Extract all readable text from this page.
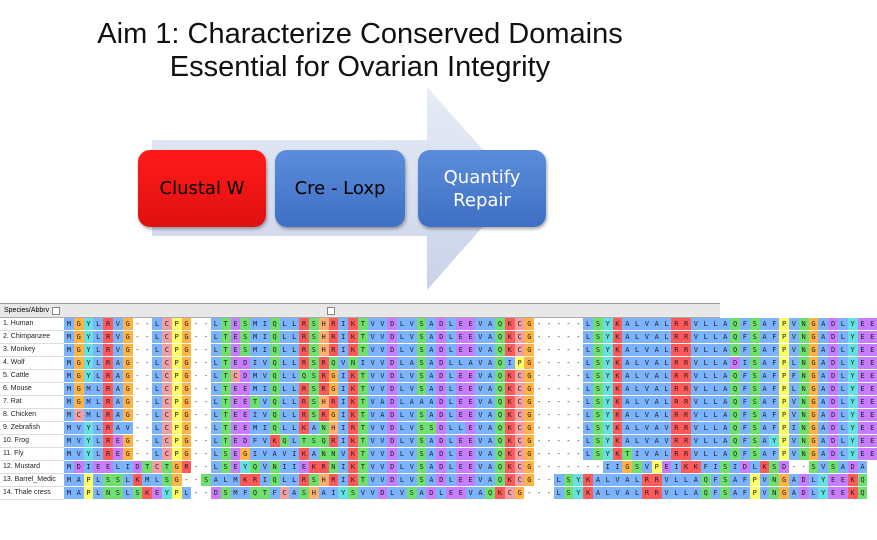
Aim 1: Characterize Conserved Domains
Essential for Ovarian Integrity
Clustal W	Cre - Loxp
Quantify Repair
Species/Abbrv
1. Human
2. Chimpanzee
3. Monkey
4. Wolf
5. Cattle
6. Mouse
7. Rat
8. Chicken
9. Zebrafish
10. Frog
11. Fly
12. Mustard
13. Barrel_Medic
14. Thale cress
M G Y L R V G - - L C P G - - L T E S M I Q L L R S H R I K T V V D L V S A D L E E V A Q K C G - - - - - L S Y K A L V A L R R V L L A Q F S A F P V N G A D L Y E E
M G Y L R V G - - L C P G - - L T E S M I Q L L R S H R I K T V V D L V S A D L E E V A Q K C G - - - - - L S Y K A L V A L R R V L L A Q F S A F P V N G A D L Y E E
M G Y L R V G - - L C P G - - L T E S M I Q L L R S H R I K T V V D L V S A D L E E V A Q K C G - - - - - L S Y K A L V A L R R V L L A Q F S A F P V N G A D L Y E E
M G Y L R A G - - L C P G - - L T E D I V Q L L R S R Q V N I V V D L A S A D L L A V A Q I P G - - - - - L S Y K A L V A L R R V L L A D I S A F P L N G A D L Y E E
M G Y L R A G - - L C P G - - L T C D M V Q L L Q S R G I K T V V D L V S A D L E E V A Q K C G - - - - - L S Y K A L V A L R R V L L A Q F S A F P F N G A D L Y E E
M G M L R A G - - L C P G - - L T E E M I Q L L R S R G I K T V V D L V S A D L E E V A Q K C G - - - - - L S Y K A L V A L R R V L L A Q F S A F P L N G A D L Y E E
M G M L R A G - - L C P G - - L T E E T V Q L L R S H R I K T V A D L A A A D L E E V A Q K C G - - - - - L S Y K A L V A L R R V L L A Q F S A F P V N G A D L Y E E
M C M L R A G - - L C P G - - L T E E I V Q L L R S R G I K T V A D L V S A D L E E V A Q K C G - - - - - L S Y K A L V A L R R V L L A Q F S A F P V N G A D L Y E E
M V Y L R A V - - L C P G - - L T E E M I Q L L K A N H I R T V V D L V S S D L L E V A Q K C G - - - - - L S Y K A L V A V R R V L L A Q F S A F P I N G A D L Y E E
M V Y L R E G - - L C P G - - L T E D F V K Q L T S Q R I K T V V D L V S A D L E E V A Q K C G - - - - - L S Y K A L V A V R R V L L A Q F S A Y P V N G A D L Y E E
M V Y L R E G - - L C P G - - L S E G I V A V I K A N N V K T V V D L V S A D L E E V A Q K C G - - - - - L S Y K T I V A L R R V L L A Q F S A F P V N G A D L Y E E
M D I E E L I D T C T G R - - L S E Y Q V N I I E K R N I K T V V D L V S A D L E E V A Q K C G - - - - - - - I I G S V P E I K K F I S I D L K S D - - S V S A D A
M A P L S S L K M L S G - - S A L M K R I Q L L R S H R I K T V V D L V S A D L E E V A Q K C G - - L S Y K A L V A L R R V L L A Q F S A F P V N G A D L Y E E K Q
M A P L N S L S K E Y P L - - D S M F Q T F C A S H A I Y S V V D L V S A D L E E V A Q K C G - - - L S Y K A L V A L R R V L L A Q F S A F P V N G A D L Y E E K Q
